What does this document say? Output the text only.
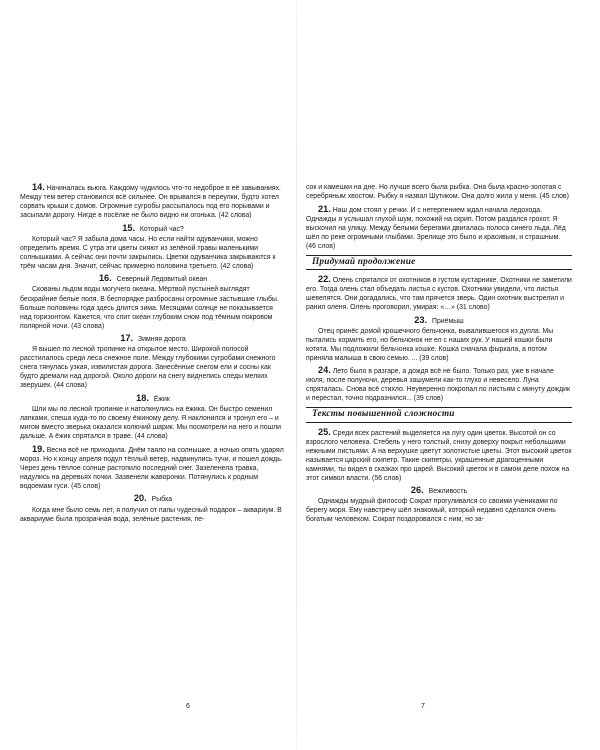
14. Начиналась вьюга. Каждому чудилось что-то недоброе в её завываниях. Между тем ветер становился всё сильнее. Он врывался в переулки, будто хотел сорвать крыши с домов. Огромные сугробы рассыпалось под его порывами и засыпали дорогу. Нигде в посёлке не было видно ни огонька. (42 слова)
15. Который час?
Который час? Я забыла дома часы. Но если найти одуванчики, можно определить время. С утра эти цветы сияют из зелёной травы маленькими солнышками. А сейчас они почти закрылись. Цветки одуванчика закрываются к трём часам дня. Значит, сейчас примерно половина третьего. (42 слова)
16. Северный Ледовитый океан
Скованы льдом воды могучего океана. Мёртвой пустыней выглядят бескрайние белые поля. В беспорядке разбросаны огромные застывшие глыбы. Больше половины года здесь длится зима. Месяцами солнце не показывается над горизонтом. Кажется, что спит океан глубоким сном под тёмным покровом полярной ночи. (43 слова)
17. Зимняя дорога
Я вышел по лесной тропинке на открытое место. Широкой полосой расстилалось среди леса снежное поле. Между глубокими сугробами снежного снега тянулась узкая, извилистая дорога. Занесённые снегом ели и сосны как будто дремали над дорогой. Около дороги на снегу виднелись следы мелких зверушек. (44 слова)
18. Ёжик
Шли мы по лесной тропинке и натолкнулись на ёжика. Он быстро семенил лапками, спеша куда-то по своему ёжиному делу. Я наклонился и тронул его – и мигом вместо зверька оказался колючий шарик. Мы посмотрели на него и пошли дальше. А ёжик спрятался в траве. (44 слова)
19. Весна всё не приходила. Днём таяло на солнышке, а ночью опять ударял мороз. Но к концу апреля подул тёплый ветер, надвинулись тучи, и пошел дождь. Через день тёплое солнце растопило последний снег. Зазеленела травка, надулись на деревьях почки. Зазвенели жаворонки. Потянулись к родным водоемам гуси. (45 слов)
20. Рыбка
Когда мне было семь лет, я получил от папы чудесный подарок – аквариум. В аквариуме была прозрачная вода, зелёные растения, пе-
6
сок и камешки на дне. Но лучше всего была рыбка. Она была красно-золотая с серебряным хвостом. Рыбку я назвал Шутиком. Она долго жила у меня. (45 слов)
21. Наш дом стоял у речки. И с нетерпением ждал начала ледохода. Однажды я услышал глухой шум, похожий на скрип. Потом раздался грохот. Я выскочил на улицу. Между белыми берегами двигалась полоса синего льда. Лёд шёл по реке огромными глыбами. Зрелище это было и красивым, и страшным. (46 слов)
Придумай продолжение
22. Олень спрятался от охотников в густом кустарнике. Охотники не заметили его. Тогда олень стал объедать листья с кустов. Охотники увидели, что листья шевелятся. Они догадались, что там прячется зверь. Один охотник выстрелил и ранил оленя. Олень проговорил, умирая: «…» (31 слово)
23. Приёмыш
Отец принёс домой крошечного бельчонка, вывалившегося из дупла. Мы пытались кормить его, но бельчонок не ел с наших рук. У нашей кошки были котята. Мы подложили бельчонка кошке. Кошка сначала фыркала, а потом приняла малыша в свою семью. ... (39 слов)
24. Лето было в разгаре, а дождя всё не было. Только раз, уже в начале июля, после полуночи, деревья зашумели как-то глухо и невесело. Луна спряталась. Снова всё стихло. Неуверенно покропал по листьям с минуту дождик и перестал, точно подразнился... (39 слов)
Тексты повышенной сложности
25. Среди всех растений выделяется на лугу один цветок. Высотой он со взрослого человека. Стебель у него толстый, снизу доверху покрыт небольшими нежными листьями. А на верхушке цветут золотистые цветы. Этот высокий цветок называется царский скипетр. Такие скипетры, украшенные драгоценными камнями, ты видел в сказках про царей. Высокий цветок и в самом деле похож на этот символ власти. (56 слов)
26. Вежливость
Однажды мудрый философ Сократ прогуливался со своими учениками по берегу моря. Ему навстречу шёл знакомый, который недавно сделался очень богатым человеком. Сократ поздоровался с ним, но за-
7
